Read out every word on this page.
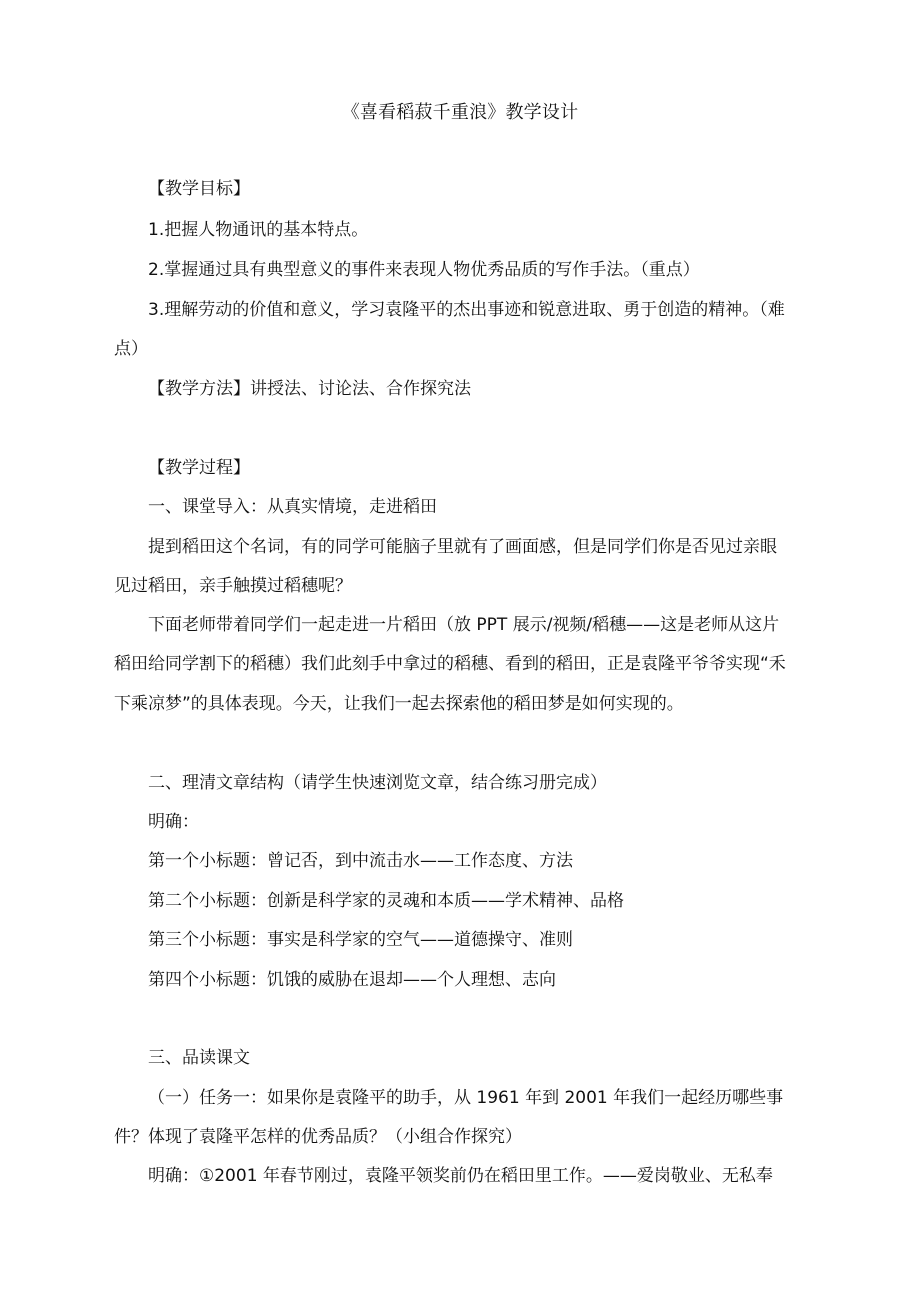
《喜看稻菽千重浪》教学设计
【教学目标】
1.把握人物通讯的基本特点。
2.掌握通过具有典型意义的事件来表现人物优秀品质的写作手法。（重点）
3.理解劳动的价值和意义，学习袁隆平的杰出事迹和锐意进取、勇于创造的精神。（难
点）
【教学方法】讲授法、讨论法、合作探究法
【教学过程】
一、课堂导入：从真实情境，走进稻田
提到稻田这个名词，有的同学可能脑子里就有了画面感，但是同学们你是否见过亲眼
见过稻田，亲手触摸过稻穗呢？
下面老师带着同学们一起走进一片稻田（放 PPT 展示/视频/稻穗——这是老师从这片
稻田给同学割下的稻穗）我们此刻手中拿过的稻穗、看到的稻田，正是袁隆平爷爷实现“禾
下乘凉梦”的具体表现。今天，让我们一起去探索他的稻田梦是如何实现的。
二、理清文章结构（请学生快速浏览文章，结合练习册完成）
明确：
第一个小标题：曾记否，到中流击水——工作态度、方法
第二个小标题：创新是科学家的灵魂和本质——学术精神、品格
第三个小标题：事实是科学家的空气——道德操守、准则
第四个小标题：饥饿的威胁在退却——个人理想、志向
三、品读课文
（一）任务一：如果你是袁隆平的助手，从 1961 年到 2001 年我们一起经历哪些事
件？体现了袁隆平怎样的优秀品质？（小组合作探究）
明确：①2001 年春节刚过，袁隆平领奖前仍在稻田里工作。——爱岗敬业、无私奉
